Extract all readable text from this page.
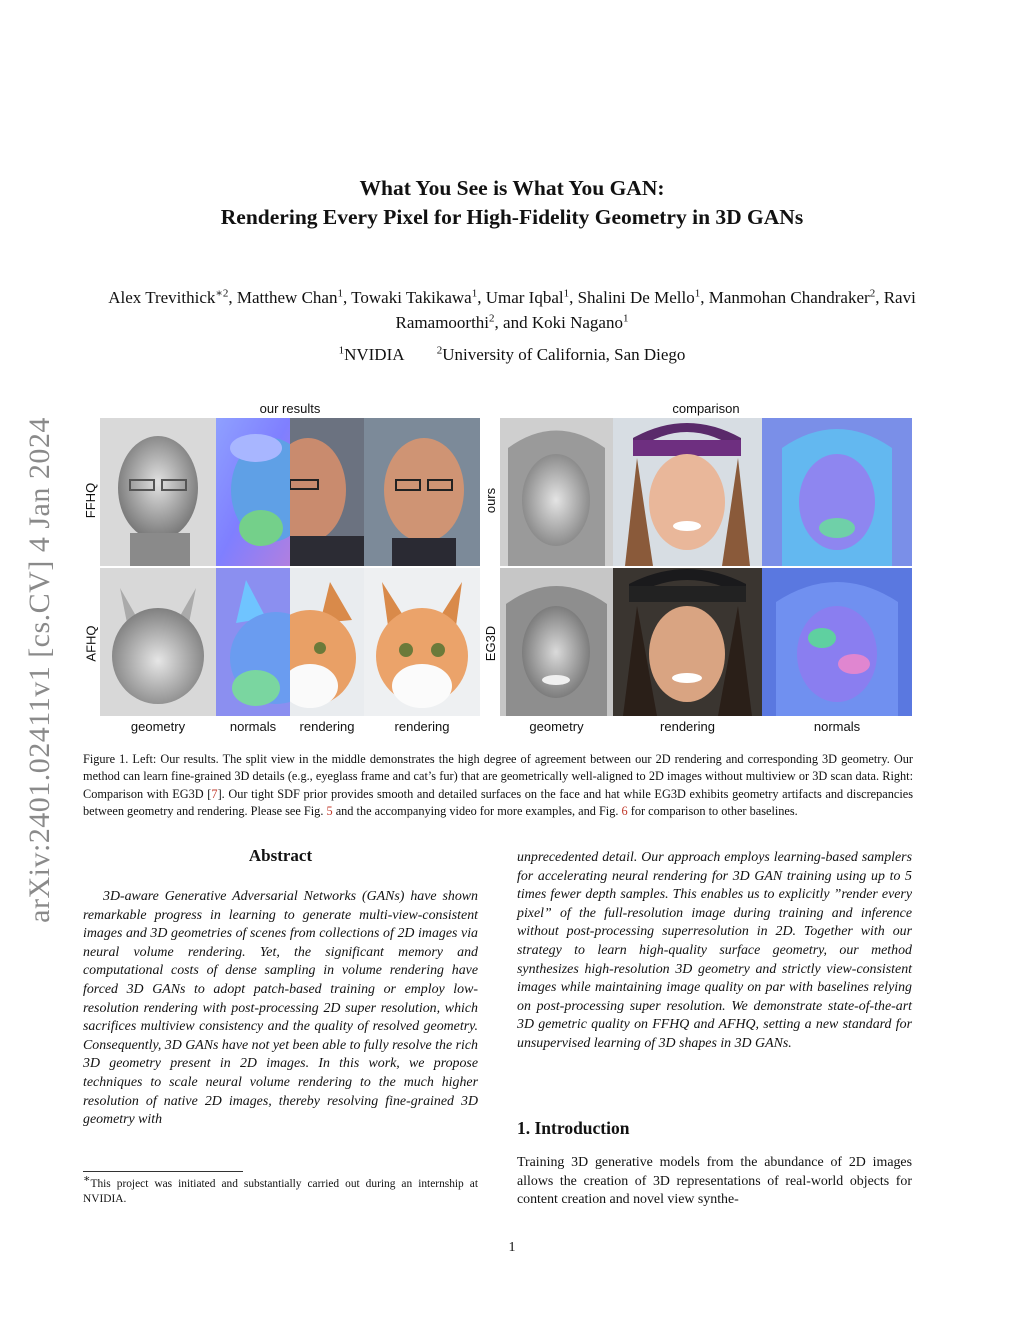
arXiv:2401.02411v1 [cs.CV] 4 Jan 2024
What You See is What You GAN:
Rendering Every Pixel for High-Fidelity Geometry in 3D GANs
Alex Trevithick$^{∗2}$, Matthew Chan$^1$, Towaki Takikawa$^1$, Umar Iqbal$^1$, Shalini De Mello$^1$, Manmohan Chandraker$^2$, Ravi Ramamoorthi$^2$, and Koki Nagano$^1$
$^1$NVIDIA	$^2$University of California, San Diego
our results	comparison
FFHQ
AFHQ
ours
EG3D
geometry	normals	rendering	rendering	geometry	rendering	normals
Figure 1. Left: Our results. The split view in the middle demonstrates the high degree of agreement between our 2D rendering and corresponding 3D geometry. Our method can learn fine-grained 3D details (e.g., eyeglass frame and cat’s fur) that are geometrically well-aligned to 2D images without multiview or 3D scan data. Right: Comparison with EG3D [7]. Our tight SDF prior provides smooth and detailed surfaces on the face and hat while EG3D exhibits geometry artifacts and discrepancies between geometry and rendering. Please see Fig. 5 and the accompanying video for more examples, and Fig. 6 for comparison to other baselines.
Abstract
3D-aware Generative Adversarial Networks (GANs) have shown remarkable progress in learning to generate multi-view-consistent images and 3D geometries of scenes from collections of 2D images via neural volume rendering. Yet, the significant memory and computational costs of dense sampling in volume rendering have forced 3D GANs to adopt patch-based training or employ low-resolution rendering with post-processing 2D super resolution, which sacrifices multiview consistency and the quality of resolved geometry. Consequently, 3D GANs have not yet been able to fully resolve the rich 3D geometry present in 2D images. In this work, we propose techniques to scale neural volume rendering to the much higher resolution of native 2D images, thereby resolving fine-grained 3D geometry with
unprecedented detail. Our approach employs learning-based samplers for accelerating neural rendering for 3D GAN training using up to 5 times fewer depth samples. This enables us to explicitly ”render every pixel” of the full-resolution image during training and inference without post-processing superresolution in 2D. Together with our strategy to learn high-quality surface geometry, our method synthesizes high-resolution 3D geometry and strictly view-consistent images while maintaining image quality on par with baselines relying on post-processing super resolution. We demonstrate state-of-the-art 3D gemetric quality on FFHQ and AFHQ, setting a new standard for unsupervised learning of 3D shapes in 3D GANs.
1. Introduction
Training 3D generative models from the abundance of 2D images allows the creation of 3D representations of real-world objects for content creation and novel view synthe-
∗This project was initiated and substantially carried out during an internship at NVIDIA.
1
